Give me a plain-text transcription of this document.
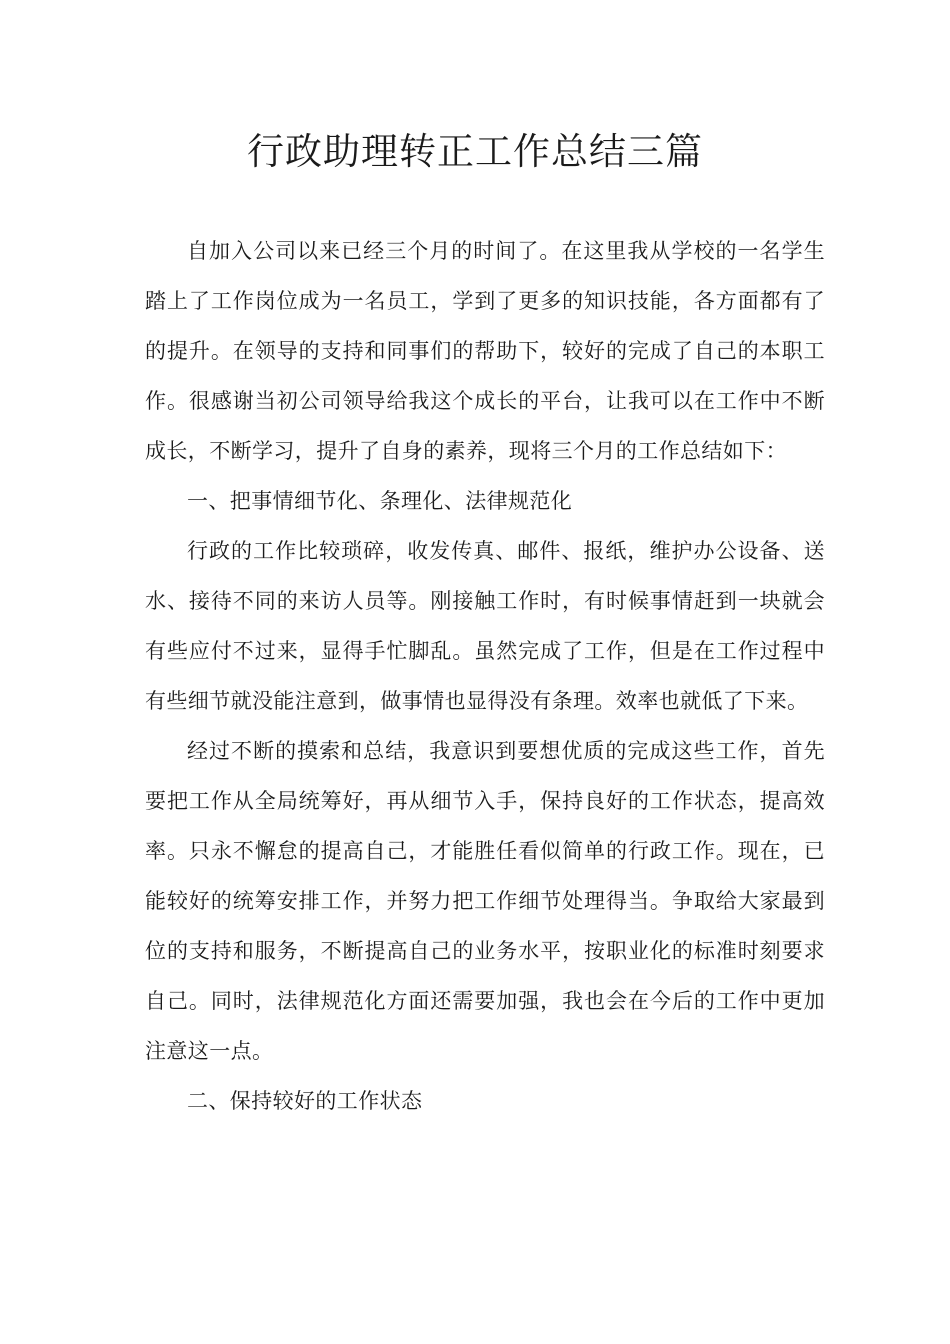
行政助理转正工作总结三篇

自加入公司以来已经三个月的时间了。在这里我从学校的一名学生踏上了工作岗位成为一名员工，学到了更多的知识技能，各方面都有了的提升。在领导的支持和同事们的帮助下，较好的完成了自己的本职工作。很感谢当初公司领导给我这个成长的平台，让我可以在工作中不断成长，不断学习，提升了自身的素养，现将三个月的工作总结如下：

一、把事情细节化、条理化、法律规范化

行政的工作比较琐碎，收发传真、邮件、报纸，维护办公设备、送水、接待不同的来访人员等。刚接触工作时，有时候事情赶到一块就会有些应付不过来，显得手忙脚乱。虽然完成了工作，但是在工作过程中有些细节就没能注意到，做事情也显得没有条理。效率也就低了下来。

经过不断的摸索和总结，我意识到要想优质的完成这些工作，首先要把工作从全局统筹好，再从细节入手，保持良好的工作状态，提高效率。只永不懈怠的提高自己，才能胜任看似简单的行政工作。现在，已能较好的统筹安排工作，并努力把工作细节处理得当。争取给大家最到位的支持和服务，不断提高自己的业务水平，按职业化的标准时刻要求自己。同时，法律规范化方面还需要加强，我也会在今后的工作中更加注意这一点。

二、保持较好的工作状态
